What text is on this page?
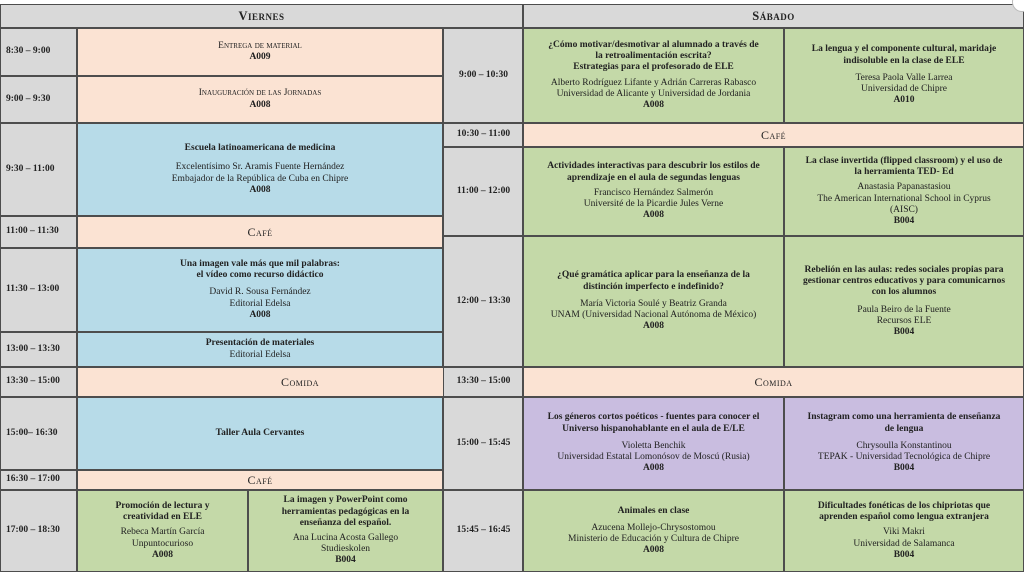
Viernes	Sábado
8:30 – 9:00
9:00 – 9:30
9:30 – 11:00
11:00 – 11:30
11:30 – 13:00
13:00 – 13:30
13:30 – 15:00
15:00– 16:30
16:30 – 17:00
17:00 – 18:30
Entrega de material
A009
Inauguración de las Jornadas
A008
Escuela latinoamericana de medicina
Excelentísimo Sr. Aramis Fuente Hernández
Embajador de la República de Cuba en Chipre
A008
Café
Una imagen vale más que mil palabras:
el vídeo como recurso didáctico
David R. Sousa Fernández
Editorial Edelsa
A008
Presentación de materiales
Editorial Edelsa
Comida
Taller Aula Cervantes
Café
Promoción de lectura y
creatividad en ELE
Rebeca Martín García
Unpuntocurioso
A008
La imagen y PowerPoint como
herramientas pedagógicas en la
enseñanza del español.
Ana Lucina Acosta Gallego
Studieskolen
B004
9:00 – 10:30
10:30 – 11:00
11:00 – 12:00
12:00 – 13:30
13:30 – 15:00
15:00 – 15:45
15:45 – 16:45
¿Cómo motivar/desmotivar al alumnado a través de
la retroalimentación escrita?
Estrategias para el profesorado de ELE
Alberto Rodríguez Lifante y Adrián Carreras Rabasco
Universidad de Alicante y Universidad de Jordania
A008
La lengua y el componente cultural, maridaje
indisoluble en la clase de ELE
Teresa Paola Valle Larrea
Universidad de Chipre
A010
Café
Actividades interactivas para descubrir los estilos de
aprendizaje en el aula de segundas lenguas
Francisco Hernández Salmerón
Université de la Picardie Jules Verne
A008
La clase invertida (flipped classroom) y el uso de
la herramienta TED- Ed
Anastasia Papanastasiou
The American International School in Cyprus
(AISC)
B004
¿Qué gramática aplicar para la enseñanza de la
distinción imperfecto e indefinido?
María Victoria Soulé y Beatriz Granda
UNAM (Universidad Nacional Autónoma de México)
A008
Rebelión en las aulas: redes sociales propias para
gestionar centros educativos y para comunicarnos
con los alumnos
Paula Beiro de la Fuente
Recursos ELE
B004
Comida
Los géneros cortos poéticos - fuentes para conocer el
Universo hispanohablante en el aula de E/LE
Violetta Benchik
Universidad Estatal Lomonósov de Moscú (Rusia)
A008
Instagram como una herramienta de enseñanza
de lengua
Chrysoulla Konstantinou
TEPAK - Universidad Tecnológica de Chipre
B004
Animales en clase
Azucena Mollejo-Chrysostomou
Ministerio de Educación y Cultura de Chipre
A008
Dificultades fonéticas de los chipriotas que
aprenden español como lengua extranjera
Viki Makri
Universidad de Salamanca
B004
